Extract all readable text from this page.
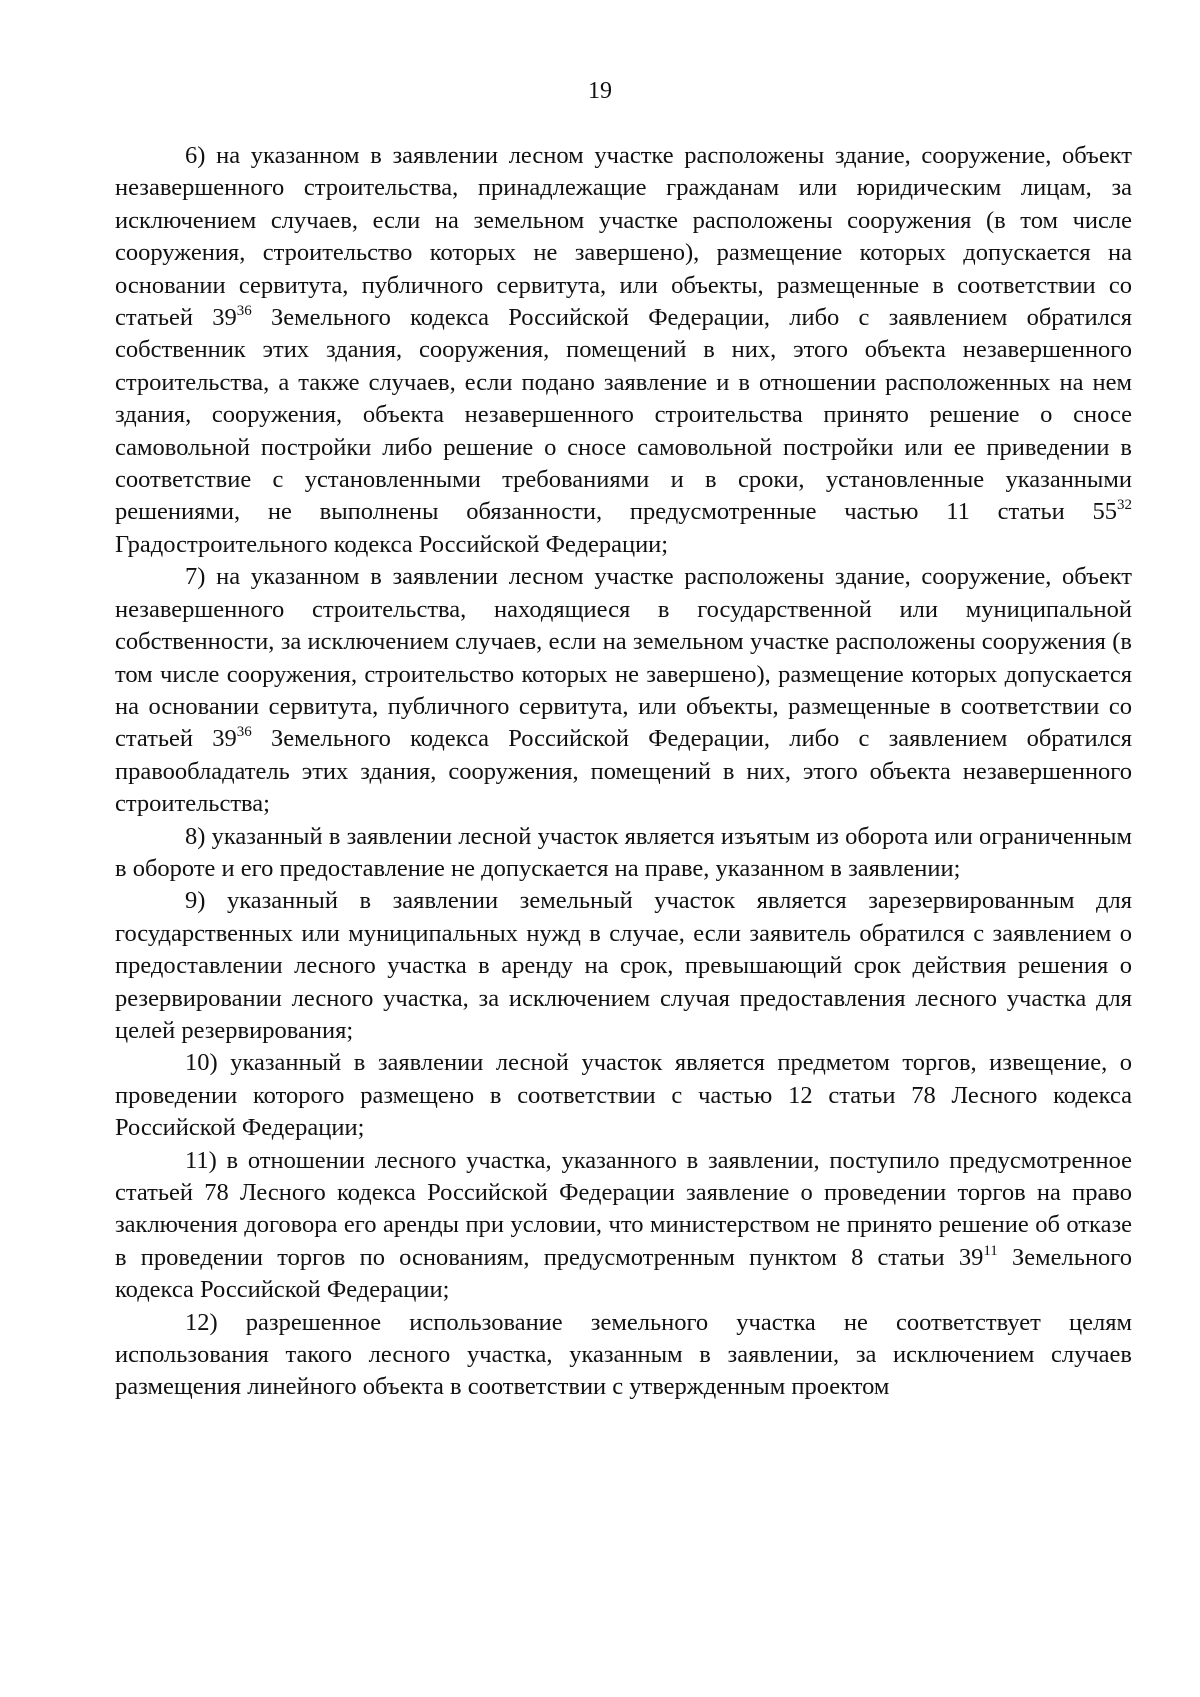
19

6) на указанном в заявлении лесном участке расположены здание, сооружение, объект незавершенного строительства, принадлежащие гражданам или юридическим лицам, за исключением случаев, если на земельном участке расположены сооружения (в том числе сооружения, строительство которых не завершено), размещение которых допускается на основании сервитута, публичного сервитута, или объекты, размещенные в соответствии со статьей $39^{36}$ Земельного кодекса Российской Федерации, либо с заявлением обратился собственник этих здания, сооружения, помещений в них, этого объекта незавершенного строительства, а также случаев, если подано заявление и в отношении расположенных на нем здания, сооружения, объекта незавершенного строительства принято решение о сносе самовольной постройки либо решение о сносе самовольной постройки или ее приведении в соответствие с установленными требованиями и в сроки, установленные указанными решениями, не выполнены обязанности, предусмотренные частью 11 статьи $55^{32}$ Градостроительного кодекса Российской Федерации;

7) на указанном в заявлении лесном участке расположены здание, сооружение, объект незавершенного строительства, находящиеся в государственной или муниципальной собственности, за исключением случаев, если на земельном участке расположены сооружения (в том числе сооружения, строительство которых не завершено), размещение которых допускается на основании сервитута, публичного сервитута, или объекты, размещенные в соответствии со статьей $39^{36}$ Земельного кодекса Российской Федерации, либо с заявлением обратился правообладатель этих здания, сооружения, помещений в них, этого объекта незавершенного строительства;

8) указанный в заявлении лесной участок является изъятым из оборота или ограниченным в обороте и его предоставление не допускается на праве, указанном в заявлении;

9) указанный в заявлении земельный участок является зарезервированным для государственных или муниципальных нужд в случае, если заявитель обратился с заявлением о предоставлении лесного участка в аренду на срок, превышающий срок действия решения о резервировании лесного участка, за исключением случая предоставления лесного участка для целей резервирования;

10) указанный в заявлении лесной участок является предметом торгов, извещение, о проведении которого размещено в соответствии с частью 12 статьи 78 Лесного кодекса Российской Федерации;

11) в отношении лесного участка, указанного в заявлении, поступило предусмотренное статьей 78 Лесного кодекса Российской Федерации заявление о проведении торгов на право заключения договора его аренды при условии, что министерством не принято решение об отказе в проведении торгов по основаниям, предусмотренным пунктом 8 статьи $39^{11}$ Земельного кодекса Российской Федерации;

12) разрешенное использование земельного участка не соответствует целям использования такого лесного участка, указанным в заявлении, за исключением случаев размещения линейного объекта в соответствии с утвержденным проектом
